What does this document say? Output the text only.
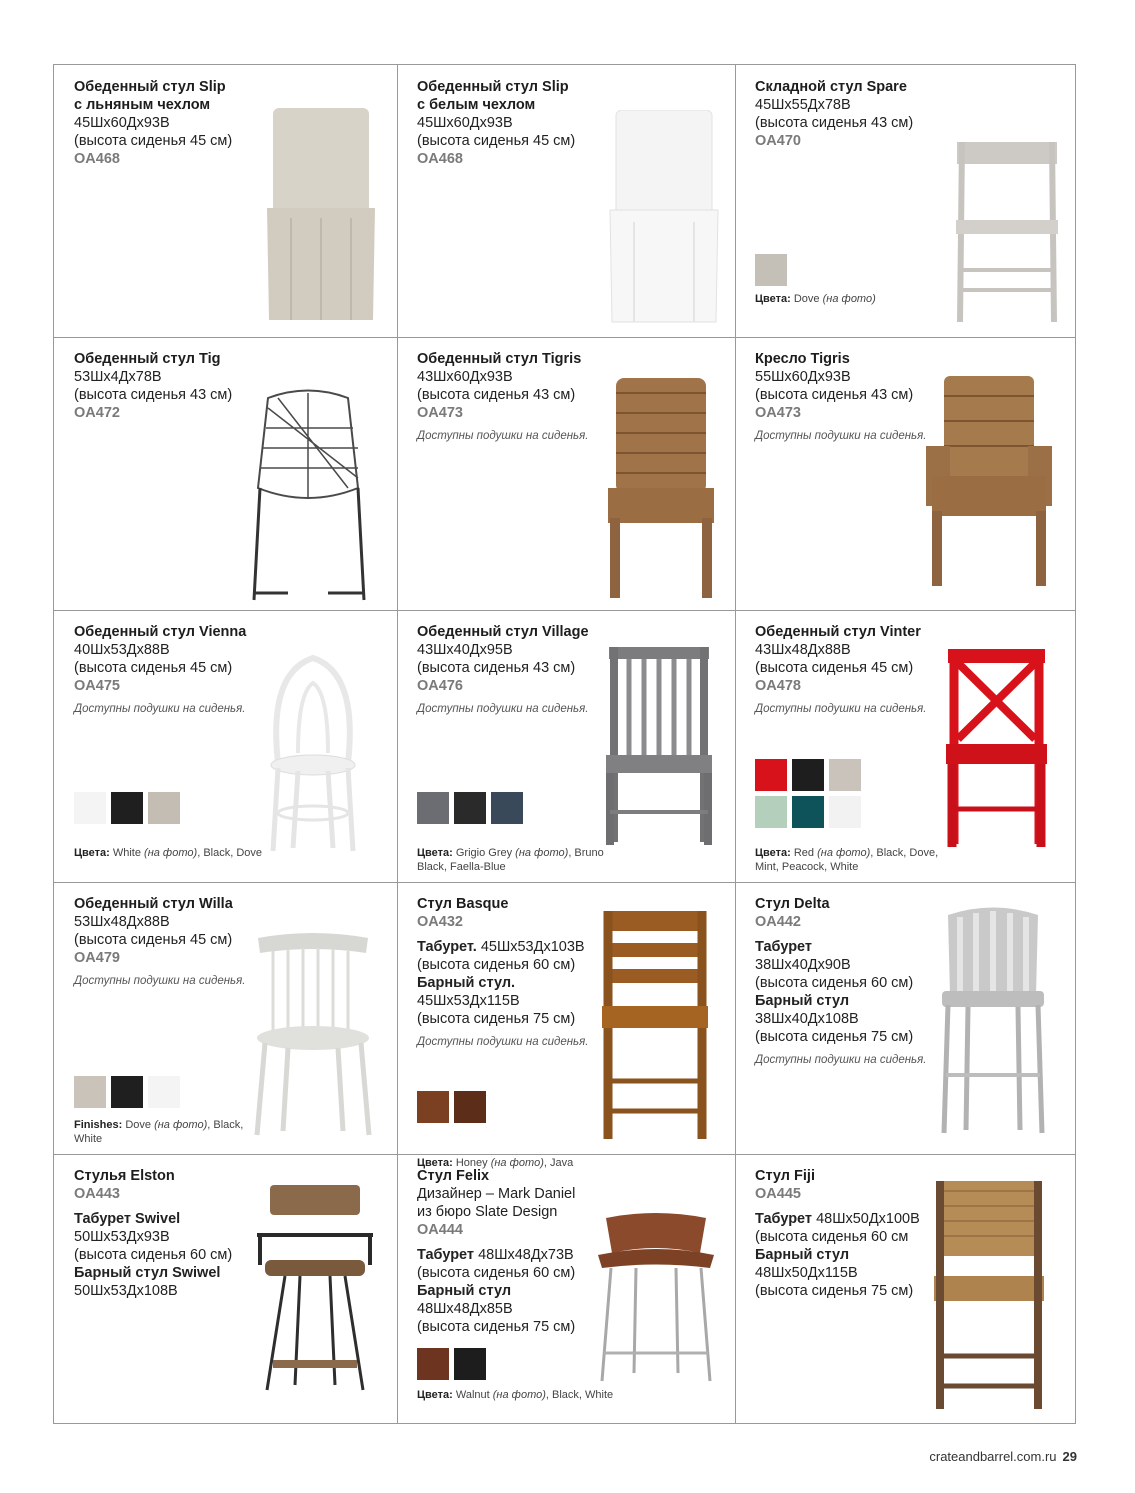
Обеденный стул Slip
с льняным чехлом
45Шх60Дх93В
(высота сиденья 45 см)
OA468
Обеденный стул Slip
с белым чехлом
45Шх60Дх93В
(высота сиденья 45 см)
OA468
Складной стул Spare
45Шх55Дх78В
(высота сиденья 43 см)
OA470
Цвета: Dove (на фото)
Обеденный стул Tig
53Шх4Дх78В
(высота сиденья 43 см)
OA472
Обеденный стул Tigris
43Шх60Дх93В
(высота сиденья 43 см)
OA473
Доступны подушки на сиденья.
Кресло Tigris
55Шх60Дх93В
(высота сиденья 43 см)
OA473
Доступны подушки на сиденья.
Обеденный стул Vienna
40Шх53Дх88В
(высота сиденья 45 см)
OA475
Доступны подушки на сиденья.
Цвета: White (на фото), Black, Dove
Обеденный стул Village
43Шх40Дх95В
(высота сиденья 43 см)
OA476
Доступны подушки на сиденья.
Цвета: Grigio Grey (на фото), Bruno Black, Faella-Blue
Обеденный стул Vinter
43Шх48Дх88В
(высота сиденья 45 см)
OA478
Доступны подушки на сиденья.
Цвета: Red (на фото), Black, Dove, Mint, Peacock, White
Обеденный стул Willa
53Шх48Дх88В
(высота сиденья 45 см)
OA479
Доступны подушки на сиденья.
Finishes: Dove (на фото), Black, White
Стул Basque
OA432
Табурет. 45Шх53Дх103В
(высота сиденья 60 см)
Барный стул.
45Шх53Дх115В
(высота сиденья 75 см)
Доступны подушки на сиденья.
Цвета: Honey (на фото), Java
Стул Delta
OA442
Табурет
38Шх40Дх90В
(высота сиденья 60 см)
Барный стул
38Шх40Дх108В
(высота сиденья 75 см)
Доступны подушки на сиденья.
Стулья Elston
OA443
Табурет Swivel
50Шх53Дх93В
(высота сиденья 60 см)
Барный стул Swiwel
50Шх53Дх108В
Стул Felix
Дизайнер – Mark Daniel
из бюро Slate Design
OA444
Табурет 48Шх48Дх73В
(высота сиденья 60 см)
Барный стул
48Шх48Дх85В
(высота сиденья 75 см)
Цвета: Walnut (на фото), Black, White
Стул Fiji
OA445
Табурет 48Шх50Дх100В
(высота сиденья 60 см
Барный стул
48Шх50Дх115В
(высота сиденья 75 см)
crateandbarrel.com.ru 29
